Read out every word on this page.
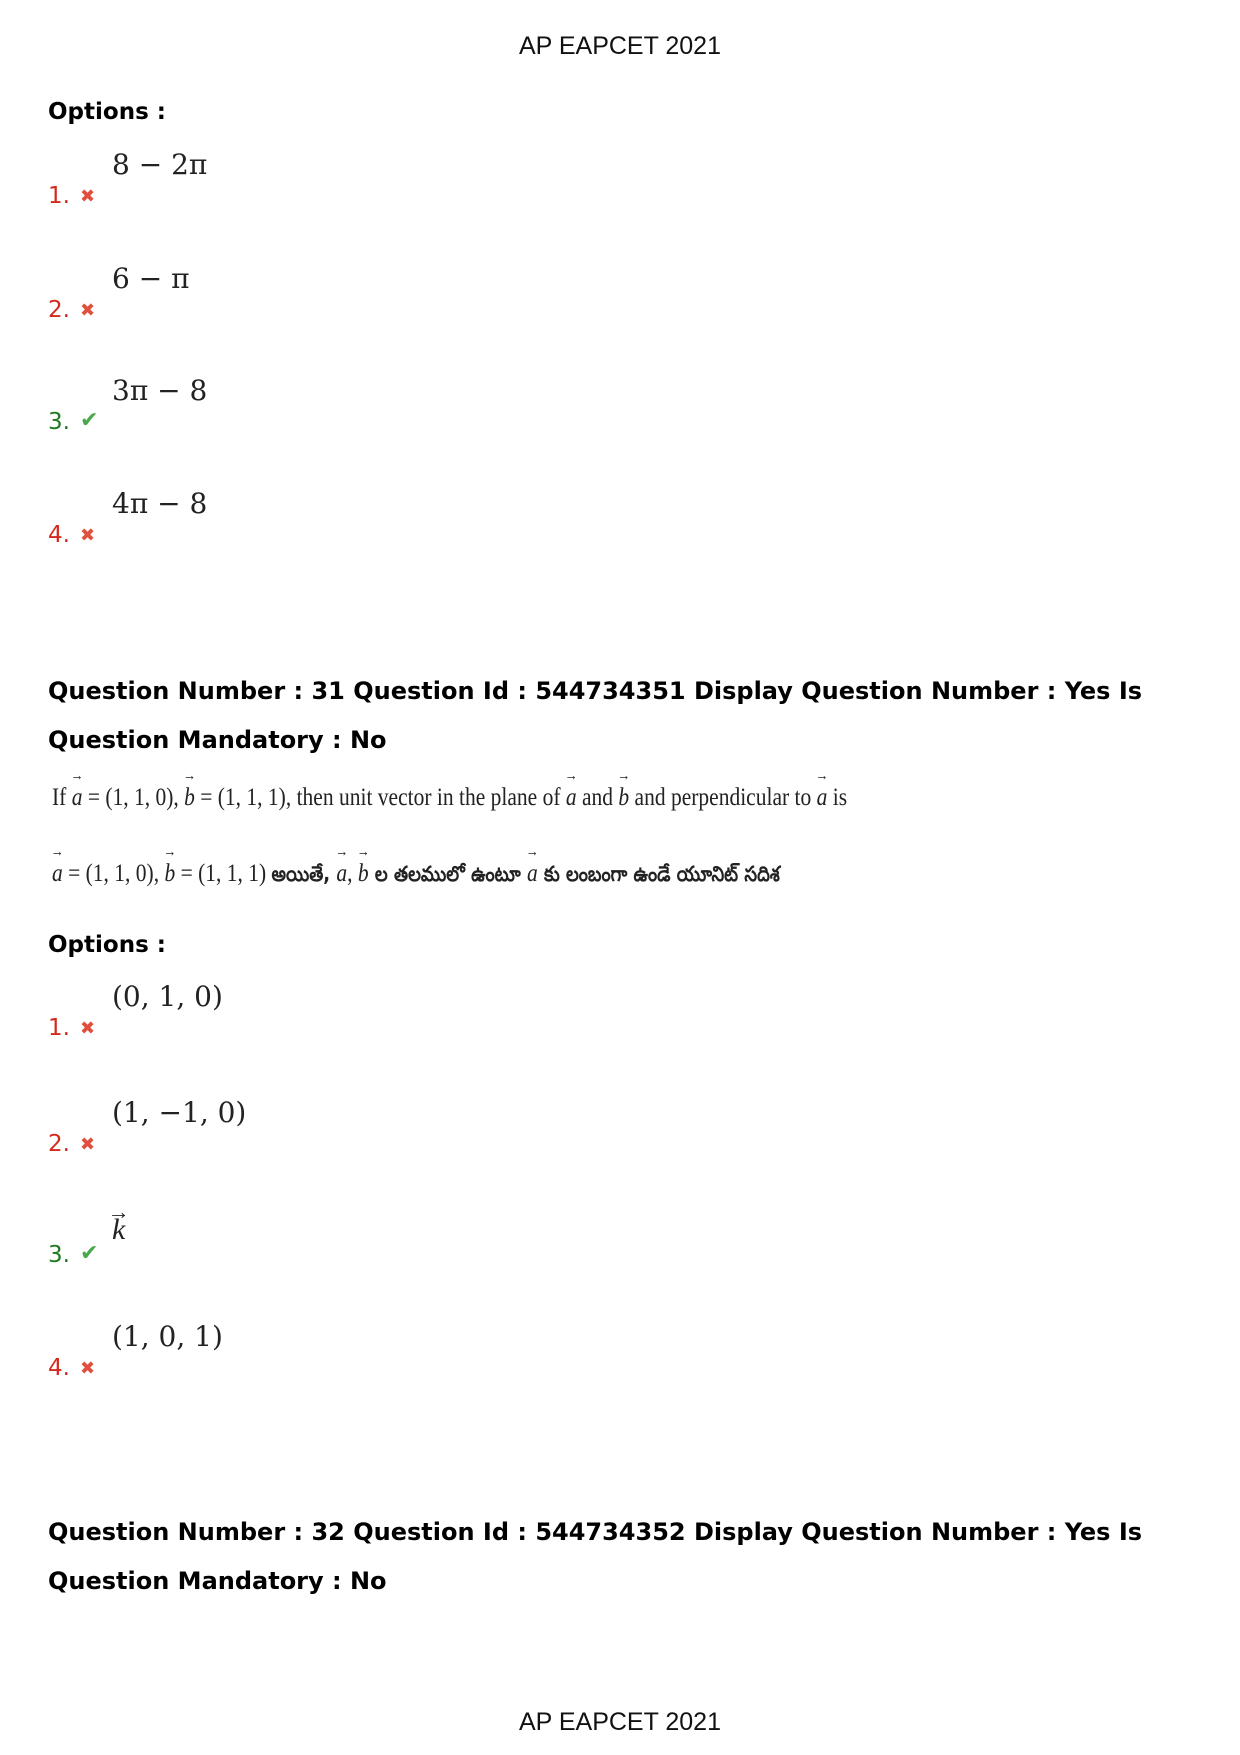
AP EAPCET 2021
Options :
1. ✖
8 − 2π
2. ✖
6 − π
3. ✔
3π − 8
4. ✖
4π − 8
Question Number : 31 Question Id : 544734351 Display Question Number : Yes Is Question Mandatory : No
If → a = (1, 1, 0), → b = (1, 1, 1), then unit vector in the plane of → a and → b and perpendicular to → a is
→ a = (1, 1, 0), → b = (1, 1, 1) అయితే, → a, → b ల తలములో ఉంటూ → a కు లంబంగా ఉండే యూనిట్ సదిశ
Options :
1. ✖
(0, 1, 0)
2. ✖
(1, −1, 0)
3. ✔
→ k
4. ✖
(1, 0, 1)
Question Number : 32 Question Id : 544734352 Display Question Number : Yes Is Question Mandatory : No
AP EAPCET 2021
